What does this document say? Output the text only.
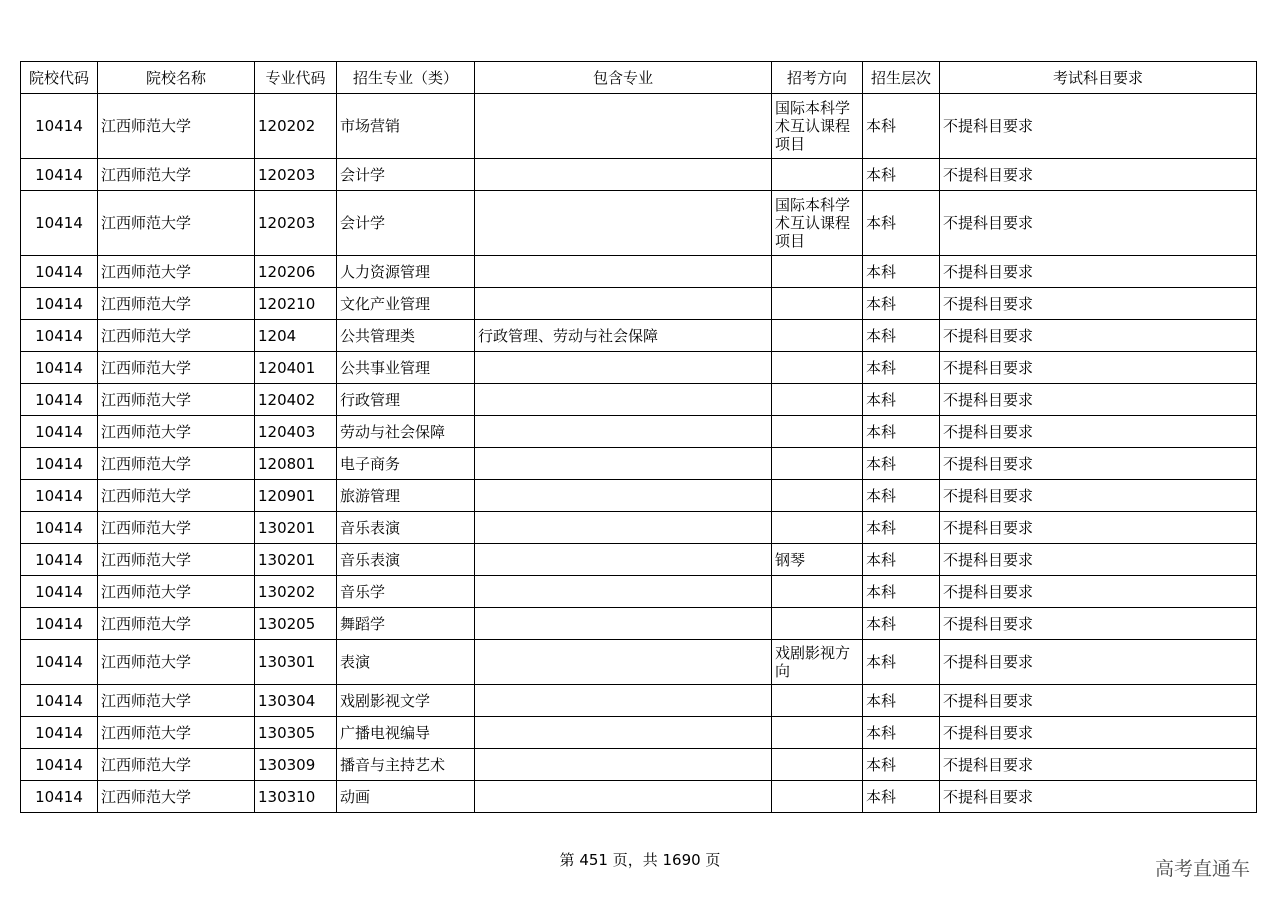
院校代码	院校名称	专业代码	招生专业（类）	包含专业	招考方向	招生层次	考试科目要求
10414	江西师范大学	120202	市场营销		国际本科学术互认课程项目	本科	不提科目要求
10414	江西师范大学	120203	会计学			本科	不提科目要求
10414	江西师范大学	120203	会计学		国际本科学术互认课程项目	本科	不提科目要求
10414	江西师范大学	120206	人力资源管理			本科	不提科目要求
10414	江西师范大学	120210	文化产业管理			本科	不提科目要求
10414	江西师范大学	1204	公共管理类	行政管理、劳动与社会保障		本科	不提科目要求
10414	江西师范大学	120401	公共事业管理			本科	不提科目要求
10414	江西师范大学	120402	行政管理			本科	不提科目要求
10414	江西师范大学	120403	劳动与社会保障			本科	不提科目要求
10414	江西师范大学	120801	电子商务			本科	不提科目要求
10414	江西师范大学	120901	旅游管理			本科	不提科目要求
10414	江西师范大学	130201	音乐表演			本科	不提科目要求
10414	江西师范大学	130201	音乐表演		钢琴	本科	不提科目要求
10414	江西师范大学	130202	音乐学			本科	不提科目要求
10414	江西师范大学	130205	舞蹈学			本科	不提科目要求
10414	江西师范大学	130301	表演		戏剧影视方向	本科	不提科目要求
10414	江西师范大学	130304	戏剧影视文学			本科	不提科目要求
10414	江西师范大学	130305	广播电视编导			本科	不提科目要求
10414	江西师范大学	130309	播音与主持艺术			本科	不提科目要求
10414	江西师范大学	130310	动画			本科	不提科目要求
第 451 页，共 1690 页	高考直通车
